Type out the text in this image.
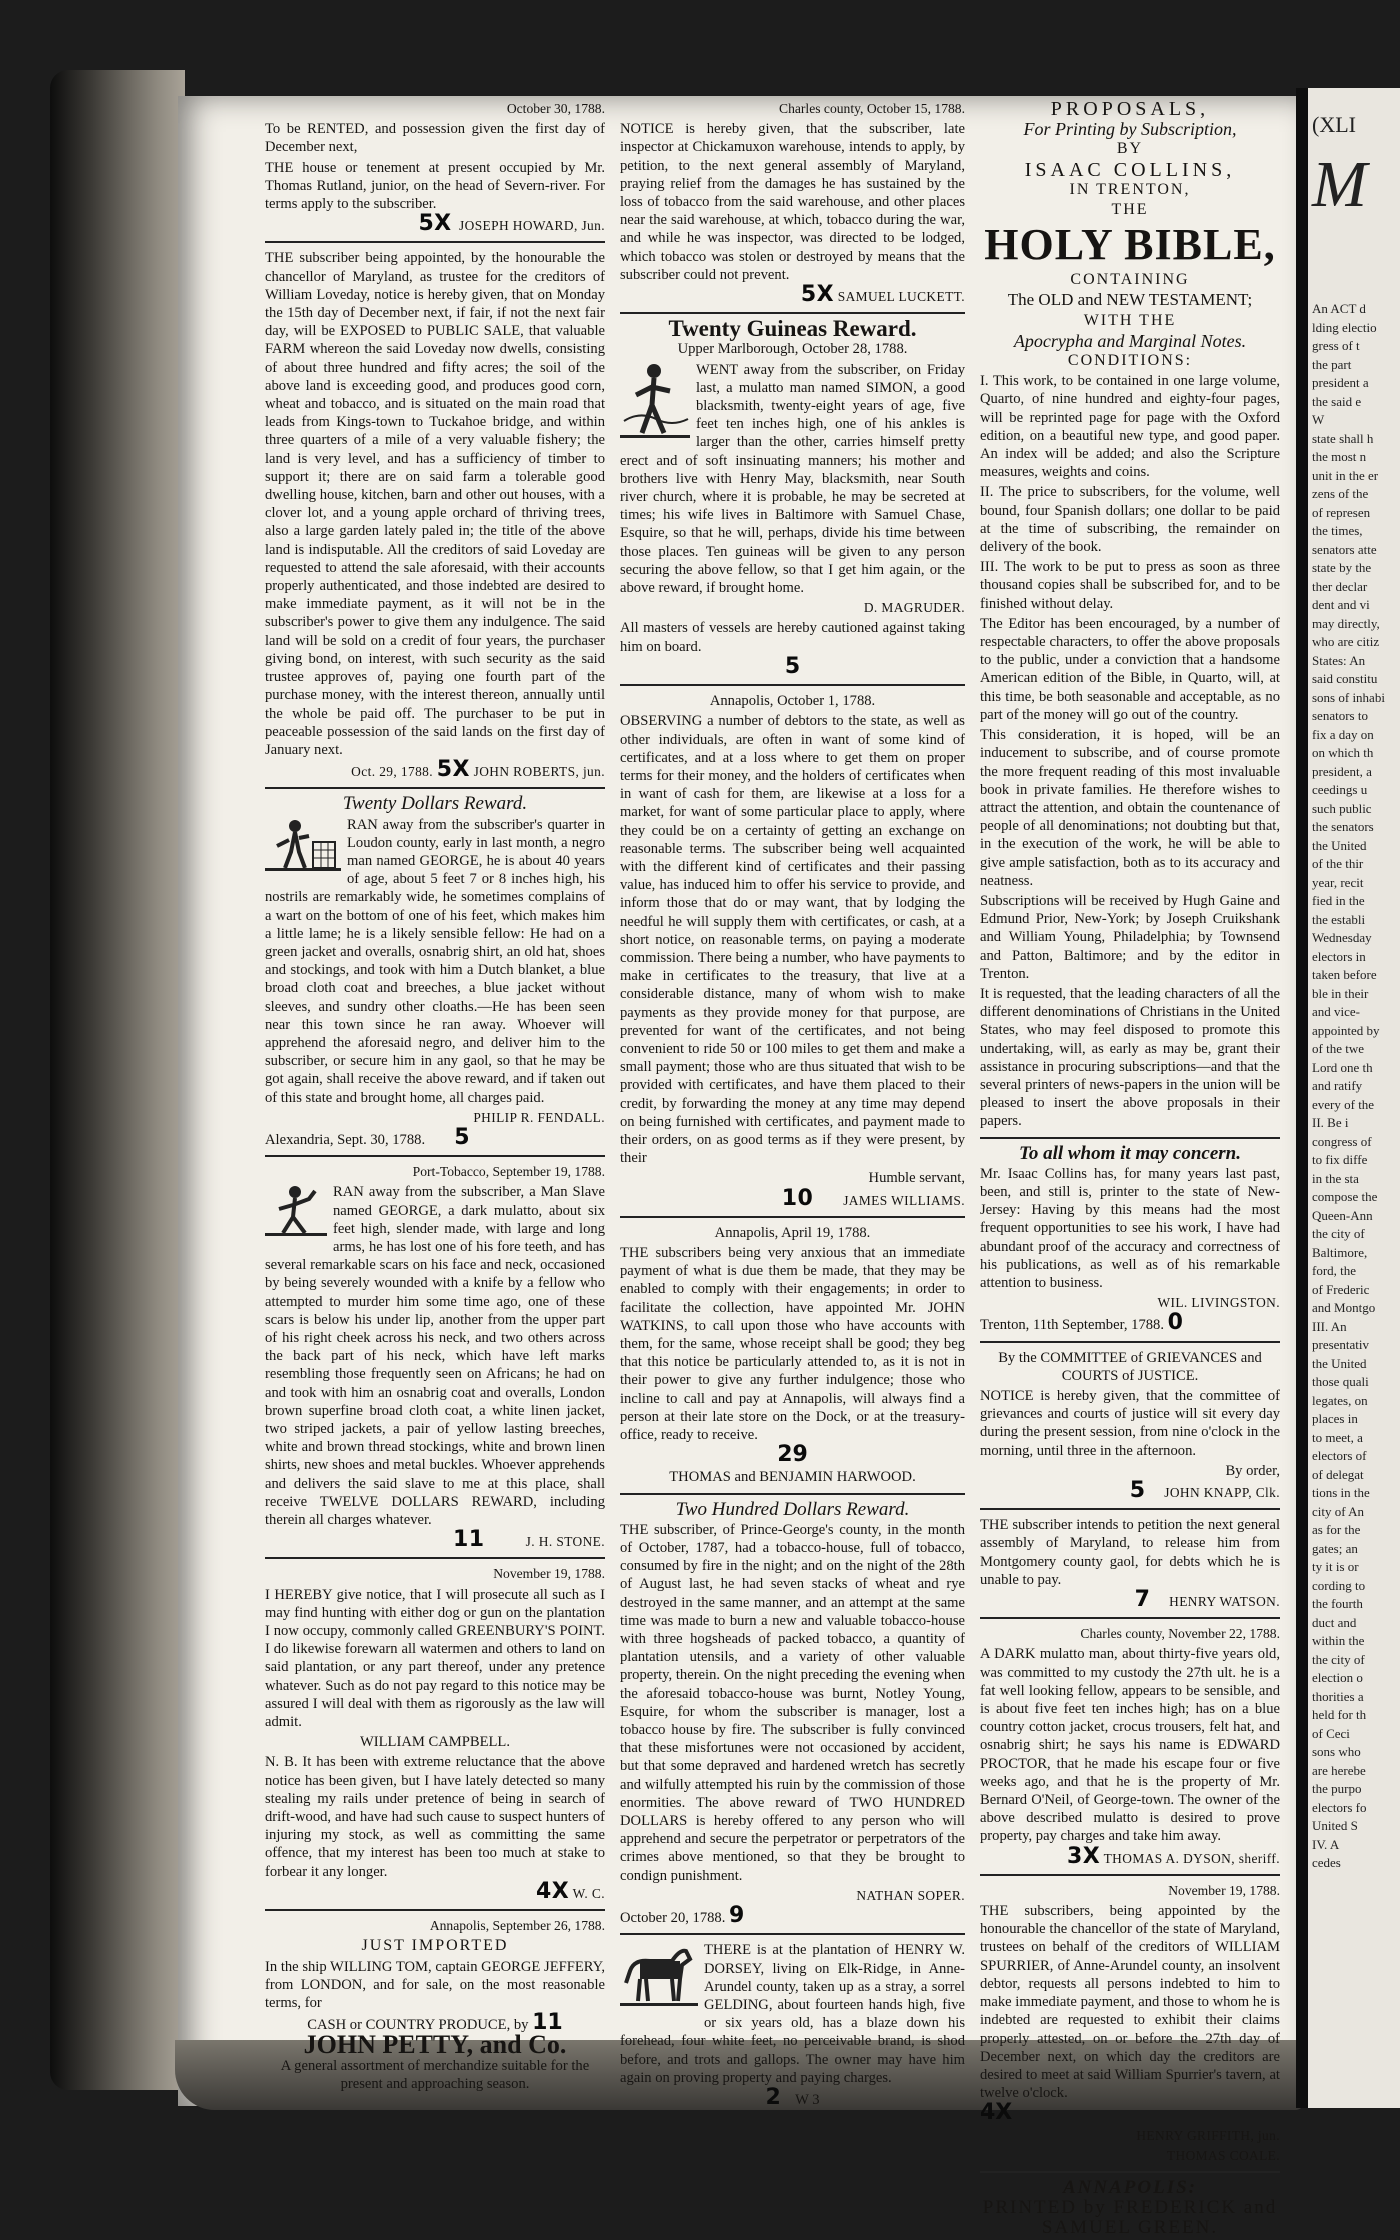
October 30, 1788.

To be RENTED, and possession given the first day of December next,

THE house or tenement at present occupied by Mr. Thomas Rutland, junior, on the head of Severn-river. For terms apply to the subscriber.

5X JOSEPH HOWARD, Jun.

THE subscriber being appointed, by the honourable the chancellor of Maryland, as trustee for the creditors of William Loveday, notice is hereby given, that on Monday the 15th day of December next, if fair, if not the next fair day, will be EXPOSED to PUBLIC SALE, that valuable FARM whereon the said Loveday now dwells, consisting of about three hundred and fifty acres; the soil of the above land is exceeding good, and produces good corn, wheat and tobacco, and is situated on the main road that leads from Kings-town to Tuckahoe bridge, and within three quarters of a mile of a very valuable fishery; the land is very level, and has a sufficiency of timber to support it; there are on said farm a tolerable good dwelling house, kitchen, barn and other out houses, with a clover lot, and a young apple orchard of thriving trees, also a large garden lately paled in; the title of the above land is indisputable. All the creditors of said Loveday are requested to attend the sale aforesaid, with their accounts properly authenticated, and those indebted are desired to make immediate payment, as it will not be in the subscriber's power to give them any indulgence. The said land will be sold on a credit of four years, the purchaser giving bond, on interest, with such security as the said trustee approves of, paying one fourth part of the purchase money, with the interest thereon, annually until the whole be paid off. The purchaser to be put in peaceable possession of the said lands on the first day of January next.

Oct. 29, 1788. 5X JOHN ROBERTS, jun.

Twenty Dollars Reward.

RAN away from the subscriber's quarter in Loudon county, early in last month, a negro man named GEORGE, he is about 40 years of age, about 5 feet 7 or 8 inches high, his nostrils are remarkably wide, he sometimes complains of a wart on the bottom of one of his feet, which makes him a little lame; he is a likely sensible fellow: He had on a green jacket and overalls, osnabrig shirt, an old hat, shoes and stockings, and took with him a Dutch blanket, a blue broad cloth coat and breeches, a blue jacket without sleeves, and sundry other cloaths.—He has been seen near this town since he ran away. Whoever will apprehend the aforesaid negro, and deliver him to the subscriber, or secure him in any gaol, so that he may be got again, shall receive the above reward, and if taken out of this state and brought home, all charges paid.

PHILIP R. FENDALL.

Alexandria, Sept. 30, 1788. 5

Port-Tobacco, September 19, 1788.

RAN away from the subscriber, a Man Slave named GEORGE, a dark mulatto, about six feet high, slender made, with large and long arms, he has lost one of his fore teeth, and has several remarkable scars on his face and neck, occasioned by being severely wounded with a knife by a fellow who attempted to murder him some time ago, one of these scars is below his under lip, another from the upper part of his right cheek across his neck, and two others across the back part of his neck, which have left marks resembling those frequently seen on Africans; he had on and took with him an osnabrig coat and overalls, London brown superfine broad cloth coat, a white linen jacket, two striped jackets, a pair of yellow lasting breeches, white and brown thread stockings, white and brown linen shirts, new shoes and metal buckles. Whoever apprehends and delivers the said slave to me at this place, shall receive TWELVE DOLLARS REWARD, including therein all charges whatever.

11	J. H. STONE.

November 19, 1788.

I HEREBY give notice, that I will prosecute all such as I may find hunting with either dog or gun on the plantation I now occupy, commonly called GREENBURY'S POINT. I do likewise forewarn all watermen and others to land on said plantation, or any part thereof, under any pretence whatever. Such as do not pay regard to this notice may be assured I will deal with them as rigorously as the law will admit.

WILLIAM CAMPBELL.

N. B. It has been with extreme reluctance that the above notice has been given, but I have lately detected so many stealing my rails under pretence of being in search of drift-wood, and have had such cause to suspect hunters of injuring my stock, as well as committing the same offence, that my interest has been too much at stake to forbear it any longer.

4X W. C.

Annapolis, September 26, 1788.

JUST IMPORTED

In the ship WILLING TOM, captain GEORGE JEFFERY, from LONDON, and for sale, on the most reasonable terms, for

CASH or COUNTRY PRODUCE, by 11

JOHN PETTY, and Co.

A general assortment of merchandize suitable for the present and approaching season.

Charles county, October 15, 1788.

NOTICE is hereby given, that the subscriber, late inspector at Chickamuxon warehouse, intends to apply, by petition, to the next general assembly of Maryland, praying relief from the damages he has sustained by the loss of tobacco from the said warehouse, and other places near the said warehouse, at which, tobacco during the war, and while he was inspector, was directed to be lodged, which tobacco was stolen or destroyed by means that the subscriber could not prevent.

5X SAMUEL LUCKETT.

Twenty Guineas Reward.

Upper Marlborough, October 28, 1788.

WENT away from the subscriber, on Friday last, a mulatto man named SIMON, a good blacksmith, twenty-eight years of age, five feet ten inches high, one of his ankles is larger than the other, carries himself pretty erect and of soft insinuating manners; his mother and brothers live with Henry May, blacksmith, near South river church, where it is probable, he may be secreted at times; his wife lives in Baltimore with Samuel Chase, Esquire, so that he will, perhaps, divide his time between those places. Ten guineas will be given to any person securing the above fellow, so that I get him again, or the above reward, if brought home.

D. MAGRUDER.

All masters of vessels are hereby cautioned against taking him on board.

5

Annapolis, October 1, 1788.

OBSERVING a number of debtors to the state, as well as other individuals, are often in want of some kind of certificates, and at a loss where to get them on proper terms for their money, and the holders of certificates when in want of cash for them, are likewise at a loss for a market, for want of some particular place to apply, where they could be on a certainty of getting an exchange on reasonable terms. The subscriber being well acquainted with the different kind of certificates and their passing value, has induced him to offer his service to provide, and inform those that do or may want, that by lodging the needful he will supply them with certificates, or cash, at a short notice, on reasonable terms, on paying a moderate commission. There being a number, who have payments to make in certificates to the treasury, that live at a considerable distance, many of whom wish to make payments as they provide money for that purpose, are prevented for want of the certificates, and not being convenient to ride 50 or 100 miles to get them and make a small payment; those who are thus situated that wish to be provided with certificates, and have them placed to their credit, by forwarding the money at any time may depend on being furnished with certificates, and payment made to their orders, on as good terms as if they were present, by their

Humble servant,

10 JAMES WILLIAMS.

Annapolis, April 19, 1788.

THE subscribers being very anxious that an immediate payment of what is due them be made, that they may be enabled to comply with their engagements; in order to facilitate the collection, have appointed Mr. JOHN WATKINS, to call upon those who have accounts with them, for the same, whose receipt shall be good; they beg that this notice be particularly attended to, as it is not in their power to give any further indulgence; those who incline to call and pay at Annapolis, will always find a person at their late store on the Dock, or at the treasury-office, ready to receive.

29

THOMAS and BENJAMIN HARWOOD.

Two Hundred Dollars Reward.

THE subscriber, of Prince-George's county, in the month of October, 1787, had a tobacco-house, full of tobacco, consumed by fire in the night; and on the night of the 28th of August last, he had seven stacks of wheat and rye destroyed in the same manner, and an attempt at the same time was made to burn a new and valuable tobacco-house with three hogsheads of packed tobacco, a quantity of plantation utensils, and a variety of other valuable property, therein. On the night preceding the evening when the aforesaid tobacco-house was burnt, Notley Young, Esquire, for whom the subscriber is manager, lost a tobacco house by fire. The subscriber is fully convinced that these misfortunes were not occasioned by accident, but that some depraved and hardened wretch has secretly and wilfully attempted his ruin by the commission of those enormities. The above reward of TWO HUNDRED DOLLARS is hereby offered to any person who will apprehend and secure the perpetrator or perpetrators of the crimes above mentioned, so that they be brought to condign punishment.

NATHAN SOPER.

October 20, 1788. 9

THERE is at the plantation of HENRY W. DORSEY, living on Elk-Ridge, in Anne-Arundel county, taken up as a stray, a sorrel GELDING, about fourteen hands high, five or six years old, has a blaze down his forehead, four white feet, no perceivable brand, is shod before, and trots and gallops. The owner may have him again on proving property and paying charges.

2 W 3

PROPOSALS,

For Printing by Subscription,

BY

ISAAC COLLINS,

IN TRENTON,

THE

HOLY BIBLE,

CONTAINING

The OLD and NEW TESTAMENT;

WITH THE

Apocrypha and Marginal Notes.

CONDITIONS:

I. This work, to be contained in one large volume, Quarto, of nine hundred and eighty-four pages, will be reprinted page for page with the Oxford edition, on a beautiful new type, and good paper. An index will be added; and also the Scripture measures, weights and coins.

II. The price to subscribers, for the volume, well bound, four Spanish dollars; one dollar to be paid at the time of subscribing, the remainder on delivery of the book.

III. The work to be put to press as soon as three thousand copies shall be subscribed for, and to be finished without delay.

The Editor has been encouraged, by a number of respectable characters, to offer the above proposals to the public, under a conviction that a handsome American edition of the Bible, in Quarto, will, at this time, be both seasonable and acceptable, as no part of the money will go out of the country.

This consideration, it is hoped, will be an inducement to subscribe, and of course promote the more frequent reading of this most invaluable book in private families. He therefore wishes to attract the attention, and obtain the countenance of people of all denominations; not doubting but that, in the execution of the work, he will be able to give ample satisfaction, both as to its accuracy and neatness.

Subscriptions will be received by Hugh Gaine and Edmund Prior, New-York; by Joseph Cruikshank and William Young, Philadelphia; by Townsend and Patton, Baltimore; and by the editor in Trenton.

It is requested, that the leading characters of all the different denominations of Christians in the United States, who may feel disposed to promote this undertaking, will, as early as may be, grant their assistance in procuring subscriptions—and that the several printers of news-papers in the union will be pleased to insert the above proposals in their papers.

To all whom it may concern.

Mr. Isaac Collins has, for many years last past, been, and still is, printer to the state of New-Jersey: Having by this means had the most frequent opportunities to see his work, I have had abundant proof of the accuracy and correctness of his publications, as well as of his remarkable attention to business.

WIL. LIVINGSTON.

Trenton, 11th September, 1788. 0

By the COMMITTEE of GRIEVANCES and COURTS of JUSTICE.

NOTICE is hereby given, that the committee of grievances and courts of justice will sit every day during the present session, from nine o'clock in the morning, until three in the afternoon.

By order,

5 JOHN KNAPP, Clk.

THE subscriber intends to petition the next general assembly of Maryland, to release him from Montgomery county gaol, for debts which he is unable to pay.

7 HENRY WATSON.

Charles county, November 22, 1788.

A DARK mulatto man, about thirty-five years old, was committed to my custody the 27th ult. he is a fat well looking fellow, appears to be sensible, and is about five feet ten inches high; has on a blue country cotton jacket, crocus trousers, felt hat, and osnabrig shirt; he says his name is EDWARD PROCTOR, that he made his escape four or five weeks ago, and that he is the property of Mr. Bernard O'Neil, of George-town. The owner of the above described mulatto is desired to prove property, pay charges and take him away.

3X THOMAS A. DYSON, sheriff.

November 19, 1788.

THE subscribers, being appointed by the honourable the chancellor of the state of Maryland, trustees on behalf of the creditors of WILLIAM SPURRIER, of Anne-Arundel county, an insolvent debtor, requests all persons indebted to him to make immediate payment, and those to whom he is indebted are requested to exhibit their claims properly attested, on or before the 27th day of December next, on which day the creditors are desired to meet at said William Spurrier's tavern, at twelve o'clock.

4X

HENRY GRIFFITH, jun.

THOMAS COALE.

ANNAPOLIS:

PRINTED by FREDERICK and

SAMUEL GREEN.

(XLI
M
An ACT d
lding electio
gress of t
the part
president a
the said e
W
state shall h
the most n
unit in the er
zens of the
of represen
the times,
senators atte
state by the
ther declar
dent and vi
may directly,
who are citiz
States: An
said constitu
sons of inhabi
senators to
fix a day on
on which th
president, a
ceedings u
such public
the senators
the United
of the thir
year, recit
fied in the
the establi
Wednesday
electors in
taken before
ble in their
and vice-
appointed by
of the twe
Lord one th
and ratify
every of the
II. Be i
congress of
to fix diffe
in the sta
compose the
Queen-Ann
the city of
Baltimore,
ford, the
of Frederic
and Montgo
III. An
presentativ
the United
those quali
legates, on
places in
to meet, a
electors of
of delegat
tions in the
city of An
as for the
gates; an
ty it is or
cording to
the fourth
duct and
within the
the city of
election o
thorities a
held for th
of Ceci
sons who
are herebe
the purpo
electors fo
United S
IV. A
cedes
